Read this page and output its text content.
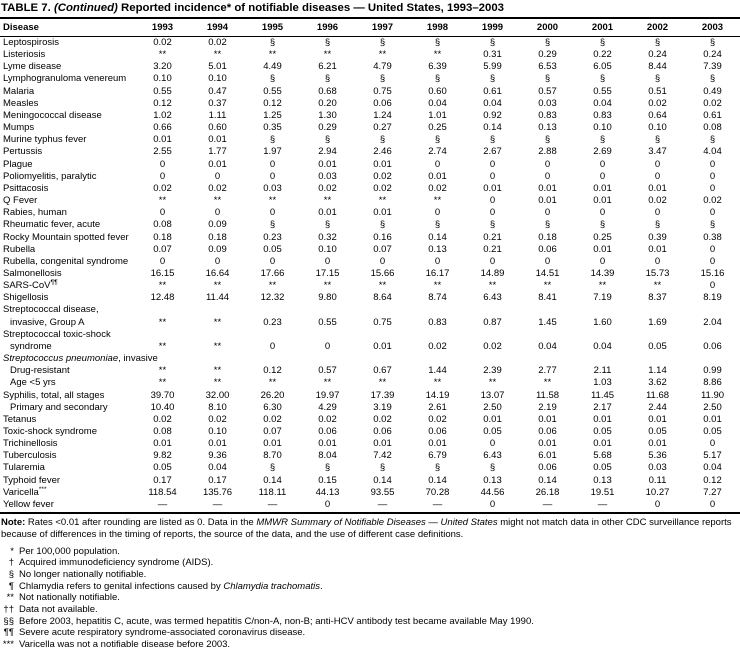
TABLE 7. (Continued) Reported incidence* of notifiable diseases — United States, 1993–2003
Disease	1993	1994	1995	1996	1997	1998	1999	2000	2001	2002	2003
Leptospirosis	0.02	0.02	§	§	§	§	§	§	§	§	§
Listeriosis	**	**	**	**	**	**	0.31	0.29	0.22	0.24	0.24
Lyme disease	3.20	5.01	4.49	6.21	4.79	6.39	5.99	6.53	6.05	8.44	7.39
Lymphogranuloma venereum	0.10	0.10	§	§	§	§	§	§	§	§	§
Malaria	0.55	0.47	0.55	0.68	0.75	0.60	0.61	0.57	0.55	0.51	0.49
Measles	0.12	0.37	0.12	0.20	0.06	0.04	0.04	0.03	0.04	0.02	0.02
Meningococcal disease	1.02	1.11	1.25	1.30	1.24	1.01	0.92	0.83	0.83	0.64	0.61
Mumps	0.66	0.60	0.35	0.29	0.27	0.25	0.14	0.13	0.10	0.10	0.08
Murine typhus fever	0.01	0.01	§	§	§	§	§	§	§	§	§
Pertussis	2.55	1.77	1.97	2.94	2.46	2.74	2.67	2.88	2.69	3.47	4.04
Plague	0	0.01	0	0.01	0.01	0	0	0	0	0	0
Poliomyelitis, paralytic	0	0	0	0.03	0.02	0.01	0	0	0	0	0
Psittacosis	0.02	0.02	0.03	0.02	0.02	0.02	0.01	0.01	0.01	0.01	0
Q Fever	**	**	**	**	**	**	0	0.01	0.01	0.02	0.02
Rabies, human	0	0	0	0.01	0.01	0	0	0	0	0	0
Rheumatic fever, acute	0.08	0.09	§	§	§	§	§	§	§	§	§
Rocky Mountain spotted fever	0.18	0.18	0.23	0.32	0.16	0.14	0.21	0.18	0.25	0.39	0.38
Rubella	0.07	0.09	0.05	0.10	0.07	0.13	0.21	0.06	0.01	0.01	0
Rubella, congenital syndrome	0	0	0	0	0	0	0	0	0	0	0
Salmonellosis	16.15	16.64	17.66	17.15	15.66	16.17	14.89	14.51	14.39	15.73	15.16
SARS-CoV¶¶	**	**	**	**	**	**	**	**	**	**	0
Shigellosis	12.48	11.44	12.32	9.80	8.64	8.74	6.43	8.41	7.19	8.37	8.19
Streptococcal disease,
invasive, Group A	**	**	0.23	0.55	0.75	0.83	0.87	1.45	1.60	1.69	2.04
Streptococcal toxic-shock
syndrome	**	**	0	0	0.01	0.02	0.02	0.04	0.04	0.05	0.06
Streptococcus pneumoniae, invasive
Drug-resistant	**	**	0.12	0.57	0.67	1.44	2.39	2.77	2.11	1.14	0.99
Age <5 yrs	**	**	**	**	**	**	**	**	1.03	3.62	8.86
Syphilis, total, all stages	39.70	32.00	26.20	19.97	17.39	14.19	13.07	11.58	11.45	11.68	11.90
Primary and secondary	10.40	8.10	6.30	4.29	3.19	2.61	2.50	2.19	2.17	2.44	2.50
Tetanus	0.02	0.02	0.02	0.02	0.02	0.02	0.01	0.01	0.01	0.01	0.01
Toxic-shock syndrome	0.08	0.10	0.07	0.06	0.06	0.06	0.05	0.06	0.05	0.05	0.05
Trichinellosis	0.01	0.01	0.01	0.01	0.01	0.01	0	0.01	0.01	0.01	0
Tuberculosis	9.82	9.36	8.70	8.04	7.42	6.79	6.43	6.01	5.68	5.36	5.17
Tularemia	0.05	0.04	§	§	§	§	§	0.06	0.05	0.03	0.04
Typhoid fever	0.17	0.17	0.14	0.15	0.14	0.14	0.13	0.14	0.13	0.11	0.12
Varicella***	118.54	135.76	118.11	44.13	93.55	70.28	44.56	26.18	19.51	10.27	7.27
Yellow fever	—	—	—	0	—	—	0	—	—	0	0
Note: Rates <0.01 after rounding are listed as 0. Data in the MMWR Summary of Notifiable Diseases — United States might not match data in other CDC surveillance reports because of differences in the timing of reports, the source of the data, and the use of different case definitions.
* Per 100,000 population.
† Acquired immunodeficiency syndrome (AIDS).
§ No longer nationally notifiable.
¶ Chlamydia refers to genital infections caused by Chlamydia trachomatis.
** Not nationally notifiable.
†† Data not available.
§§ Before 2003, hepatitis C, acute, was termed hepatitis C/non-A, non-B; anti-HCV antibody test became available May 1990.
¶¶ Severe acute respiratory syndrome-associated coronavirus disease.
*** Varicella was not a notifiable disease before 2003.
